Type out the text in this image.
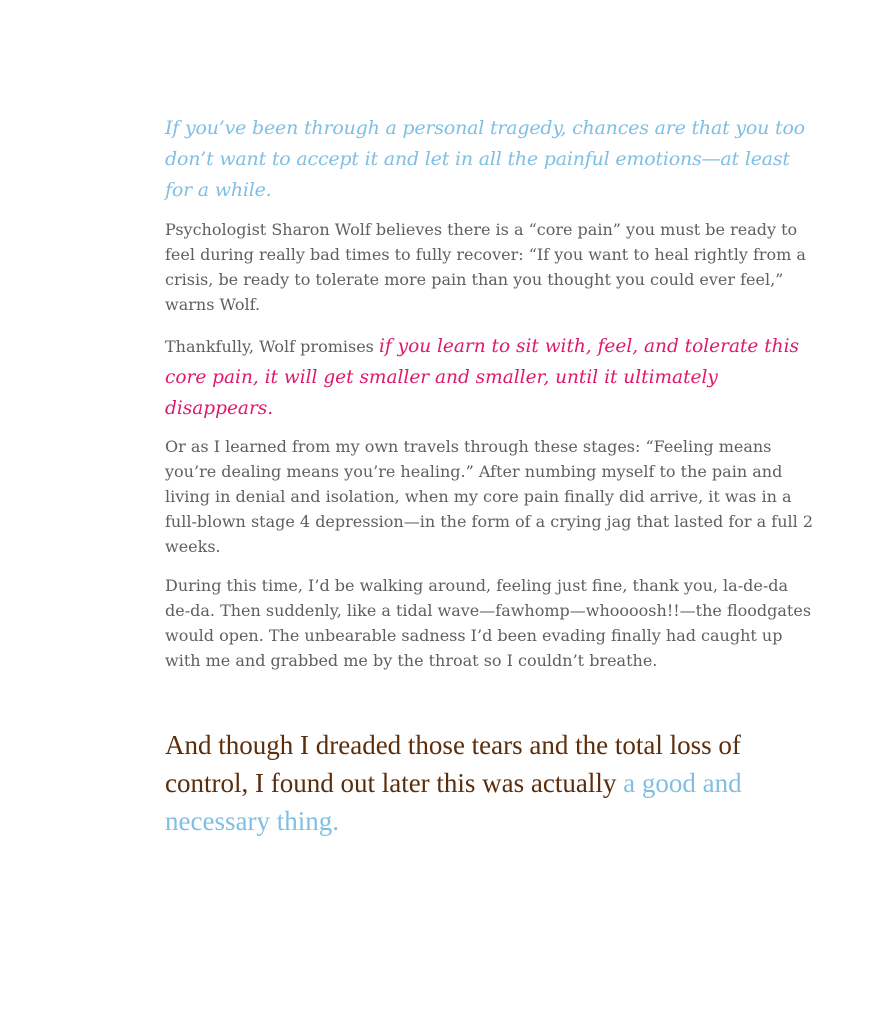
If you’ve been through a personal tragedy, chances are that you too don’t want to accept it and let in all the painful emotions—at least for a while.

Psychologist Sharon Wolf believes there is a “core pain” you must be ready to feel during really bad times to fully recover: “If you want to heal rightly from a crisis, be ready to tolerate more pain than you thought you could ever feel,” warns Wolf.

Thankfully, Wolf promises if you learn to sit with, feel, and tolerate this core pain, it will get smaller and smaller, until it ultimately disappears.

Or as I learned from my own travels through these stages: “Feeling means you’re dealing means you’re healing.” After numbing myself to the pain and living in denial and isolation, when my core pain finally did arrive, it was in a full-blown stage 4 depression—in the form of a crying jag that lasted for a full 2 weeks.

During this time, I’d be walking around, feeling just fine, thank you, la-de-da de-da. Then suddenly, like a tidal wave—fawhomp—whoooosh!!—the floodgates would open. The unbearable sadness I’d been evading finally had caught up with me and grabbed me by the throat so I couldn’t breathe.

And though I dreaded those tears and the total loss of control, I found out later this was actually a good and necessary thing.
